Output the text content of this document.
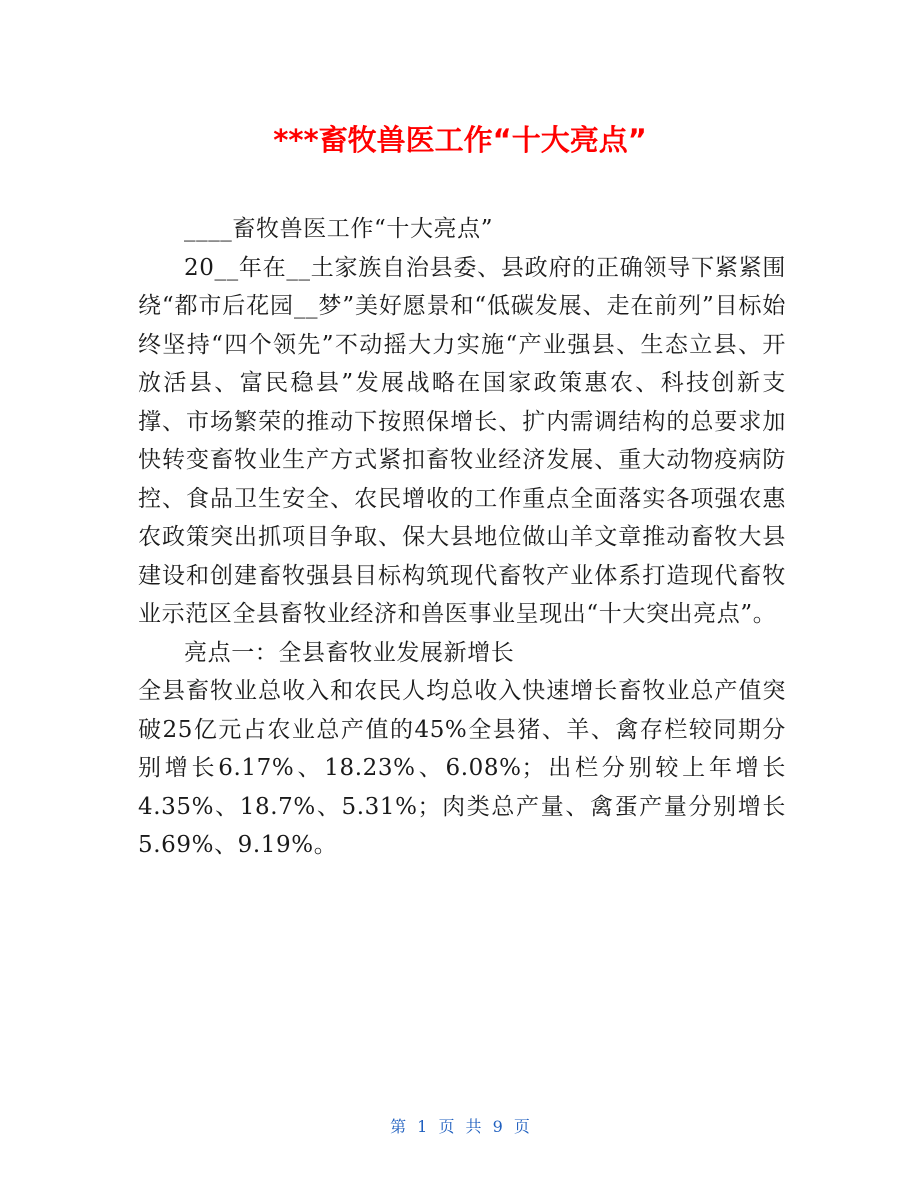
***畜牧兽医工作“十大亮点”

____畜牧兽医工作“十大亮点”

20__年在__土家族自治县委、县政府的正确领导下紧紧围绕“都市后花园__梦”美好愿景和“低碳发展、走在前列”目标始终坚持“四个领先”不动摇大力实施“产业强县、生态立县、开放活县、富民稳县”发展战略在国家政策惠农、科技创新支撑、市场繁荣的推动下按照保增长、扩内需调结构的总要求加快转变畜牧业生产方式紧扣畜牧业经济发展、重大动物疫病防控、食品卫生安全、农民增收的工作重点全面落实各项强农惠农政策突出抓项目争取、保大县地位做山羊文章推动畜牧大县建设和创建畜牧强县目标构筑现代畜牧产业体系打造现代畜牧业示范区全县畜牧业经济和兽医事业呈现出“十大突出亮点”。

亮点一：全县畜牧业发展新增长

全县畜牧业总收入和农民人均总收入快速增长畜牧业总产值突破25亿元占农业总产值的45%全县猪、羊、禽存栏较同期分别增长6.17%、18.23%、6.08%；出栏分别较上年增长4.35%、18.7%、5.31%；肉类总产量、禽蛋产量分别增长5.69%、9.19%。

第 1 页 共 9 页
